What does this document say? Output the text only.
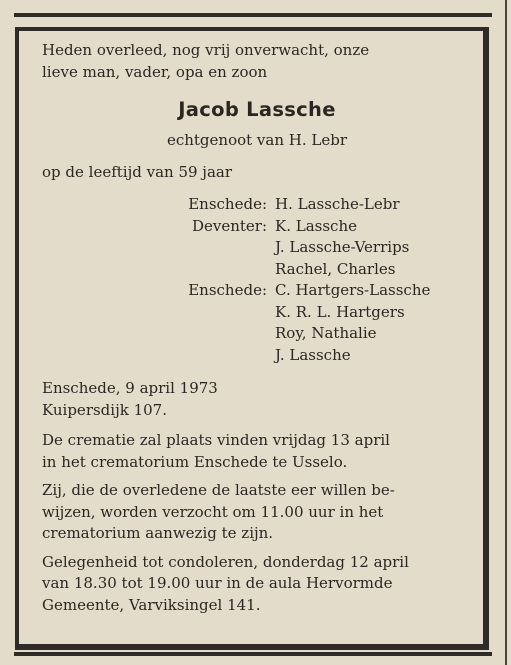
Heden overleed, nog vrij onverwacht, onze
lieve man, vader, opa en zoon
Jacob Lassche
echtgenoot van H. Lebr
op de leeftijd van 59 jaar
Enschede: H. Lassche-Lebr
Deventer: K. Lassche
J. Lassche-Verrips
Rachel, Charles
Enschede: C. Hartgers-Lassche
K. R. L. Hartgers
Roy, Nathalie
J. Lassche
Enschede, 9 april 1973
Kuipersdijk 107.
De crematie zal plaats vinden vrijdag 13 april
in het crematorium Enschede te Usselo.
Zij, die de overledene de laatste eer willen be-
wijzen, worden verzocht om 11.00 uur in het
crematorium aanwezig te zijn.
Gelegenheid tot condoleren, donderdag 12 april
van 18.30 tot 19.00 uur in de aula Hervormde
Gemeente, Varviksingel 141.
